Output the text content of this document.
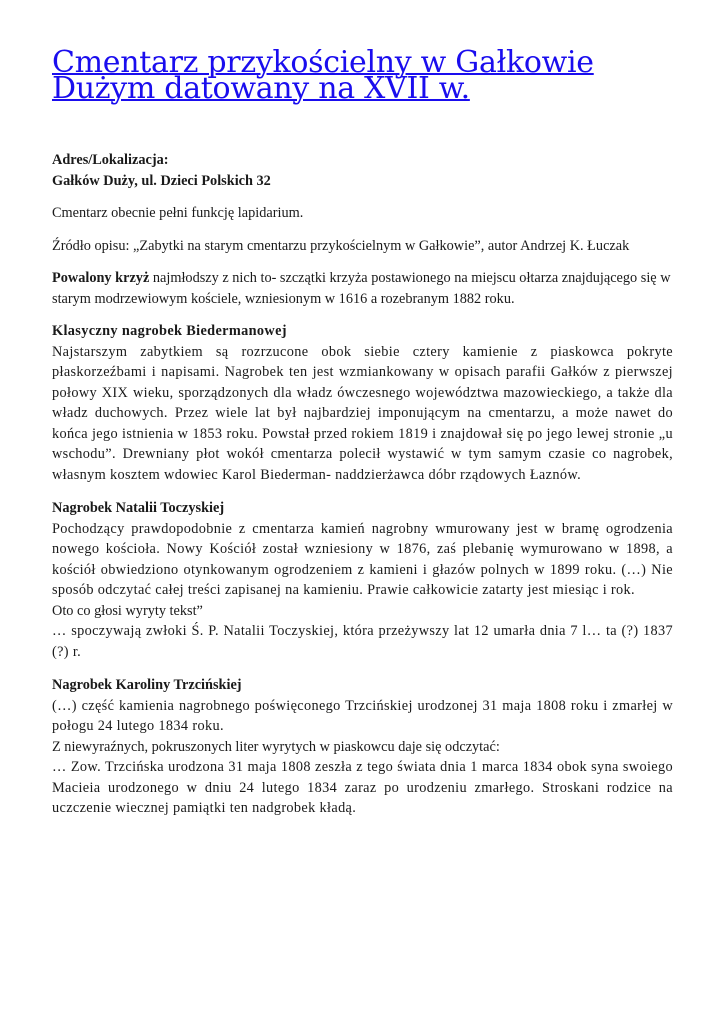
Cmentarz przykościelny w Gałkowie Dużym datowany na XVII w.

Adres/Lokalizacja:

Gałków Duży, ul. Dzieci Polskich 32

Cmentarz obecnie pełni funkcję lapidarium.

Źródło opisu: „Zabytki na starym cmentarzu przykościelnym w Gałkowie”, autor Andrzej K. Łuczak

Powalony krzyż najmłodszy z nich to- szczątki krzyża postawionego na miejscu ołtarza znajdującego się w starym modrzewiowym kościele, wzniesionym w 1616 a rozebranym 1882 roku.

Klasyczny nagrobek Biedermanowej
Najstarszym zabytkiem są rozrzucone obok siebie cztery kamienie z piaskowca pokryte płaskorzeźbami i napisami. Nagrobek ten jest wzmiankowany w opisach parafii Gałków z pierwszej połowy XIX wieku, sporządzonych dla władz ówczesnego województwa mazowieckiego, a także dla władz duchowych. Przez wiele lat był najbardziej imponującym na cmentarzu, a może nawet do końca jego istnienia w 1853 roku. Powstał przed rokiem 1819 i znajdował się po jego lewej stronie „u wschodu”. Drewniany płot wokół cmentarza polecił wystawić w tym samym czasie co nagrobek, własnym kosztem wdowiec Karol Biederman- naddzierżawca dóbr rządowych Łaznów.
Nagrobek Natalii Toczyskiej
Pochodzący prawdopodobnie z cmentarza kamień nagrobny wmurowany jest w bramę ogrodzenia nowego kościoła. Nowy Kościół został wzniesiony w 1876, zaś plebanię wymurowano w 1898, a kościół obwiedziono otynkowanym ogrodzeniem z kamieni i głazów polnych w 1899 roku. (…) Nie sposób odczytać całej treści zapisanej na kamieniu. Prawie całkowicie zatarty jest miesiąc i rok.
Oto co głosi wyryty tekst”
… spoczywają zwłoki Ś. P. Natalii Toczyskiej, która przeżywszy lat 12 umarła dnia 7 l… ta (?) 1837 (?) r.
Nagrobek Karoliny Trzcińskiej
(…) część kamienia nagrobnego poświęconego Trzcińskiej urodzonej 31 maja 1808 roku i zmarłej w połogu 24 lutego 1834 roku.
Z niewyraźnych, pokruszonych liter wyrytych w piaskowcu daje się odczytać:
… Zow. Trzcińska urodzona 31 maja 1808 zeszła z tego świata dnia 1 marca 1834 obok syna swoiego Macieia urodzonego w dniu 24 lutego 1834 zaraz po urodzeniu zmarłego. Stroskani rodzice na uczczenie wiecznej pamiątki ten nadgrobek kładą.
